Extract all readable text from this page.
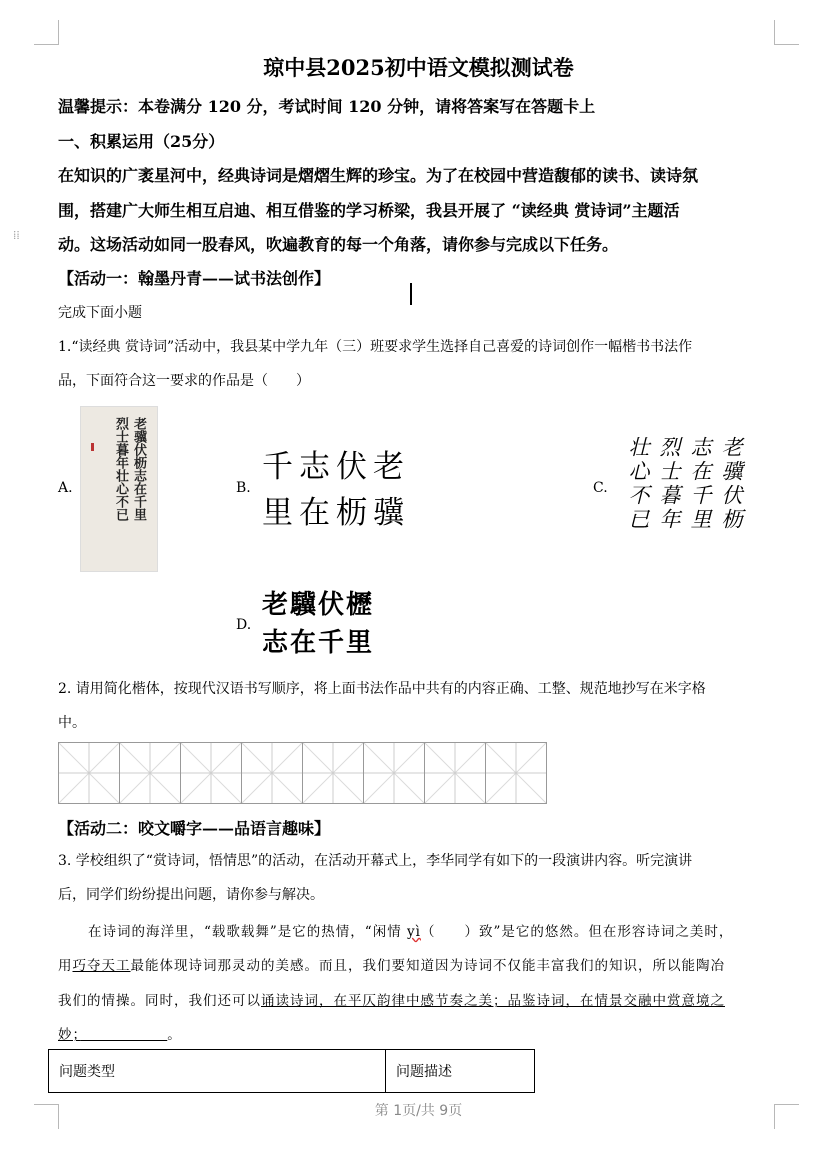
⁞⁞
琼中县2025初中语文模拟测试卷
温馨提示：本卷满分 120 分，考试时间 120 分钟，请将答案写在答题卡上
一、积累运用（25分）
在知识的广袤星河中，经典诗词是熠熠生辉的珍宝。为了在校园中营造馥郁的读书、读诗氛
围，搭建广大师生相互启迪、相互借鉴的学习桥梁，我县开展了 “读经典 赏诗词”主题活
动。这场活动如同一股春风，吹遍教育的每一个角落，请你参与完成以下任务。
【活动一：翰墨丹青——试书法创作】
完成下面小题
1.“读经典 赏诗词”活动中，我县某中学九年（三）班要求学生选择自己喜爱的诗词创作一幅楷书书法作
品，下面符合这一要求的作品是（　　）
A.	老骥伏枥志在千里
烈士暮年壮心不已	B.
千志伏老
里在枥骥
C.	老骥伏枥
志在千里
烈士暮年
壮心不已
D.
老驥伏櫪
志在千里
2. 请用简化楷体，按现代汉语书写顺序，将上面书法作品中共有的内容正确、工整、规范地抄写在米字格
中。
【活动二：咬文嚼字——品语言趣味】
3. 学校组织了“赏诗词，悟情思”的活动，在活动开幕式上，李华同学有如下的一段演讲内容。听完演讲
后，同学们纷纷提出问题，请你参与解决。
在诗词的海洋里，“载歌载舞”是它的热情，“闲情 yì（　　）致”是它的悠然。但在形容诗词之美时，
用巧夺天工最能体现诗词那灵动的美感。而且，我们要知道因为诗词不仅能丰富我们的知识，所以能陶冶
我们的情操。同时，我们还可以诵读诗词，在平仄韵律中感节奏之美；品鉴诗词，在情景交融中赏意境之
妙；　　　　　　	。
问题类型	问题描述
第 1页/共 9页
